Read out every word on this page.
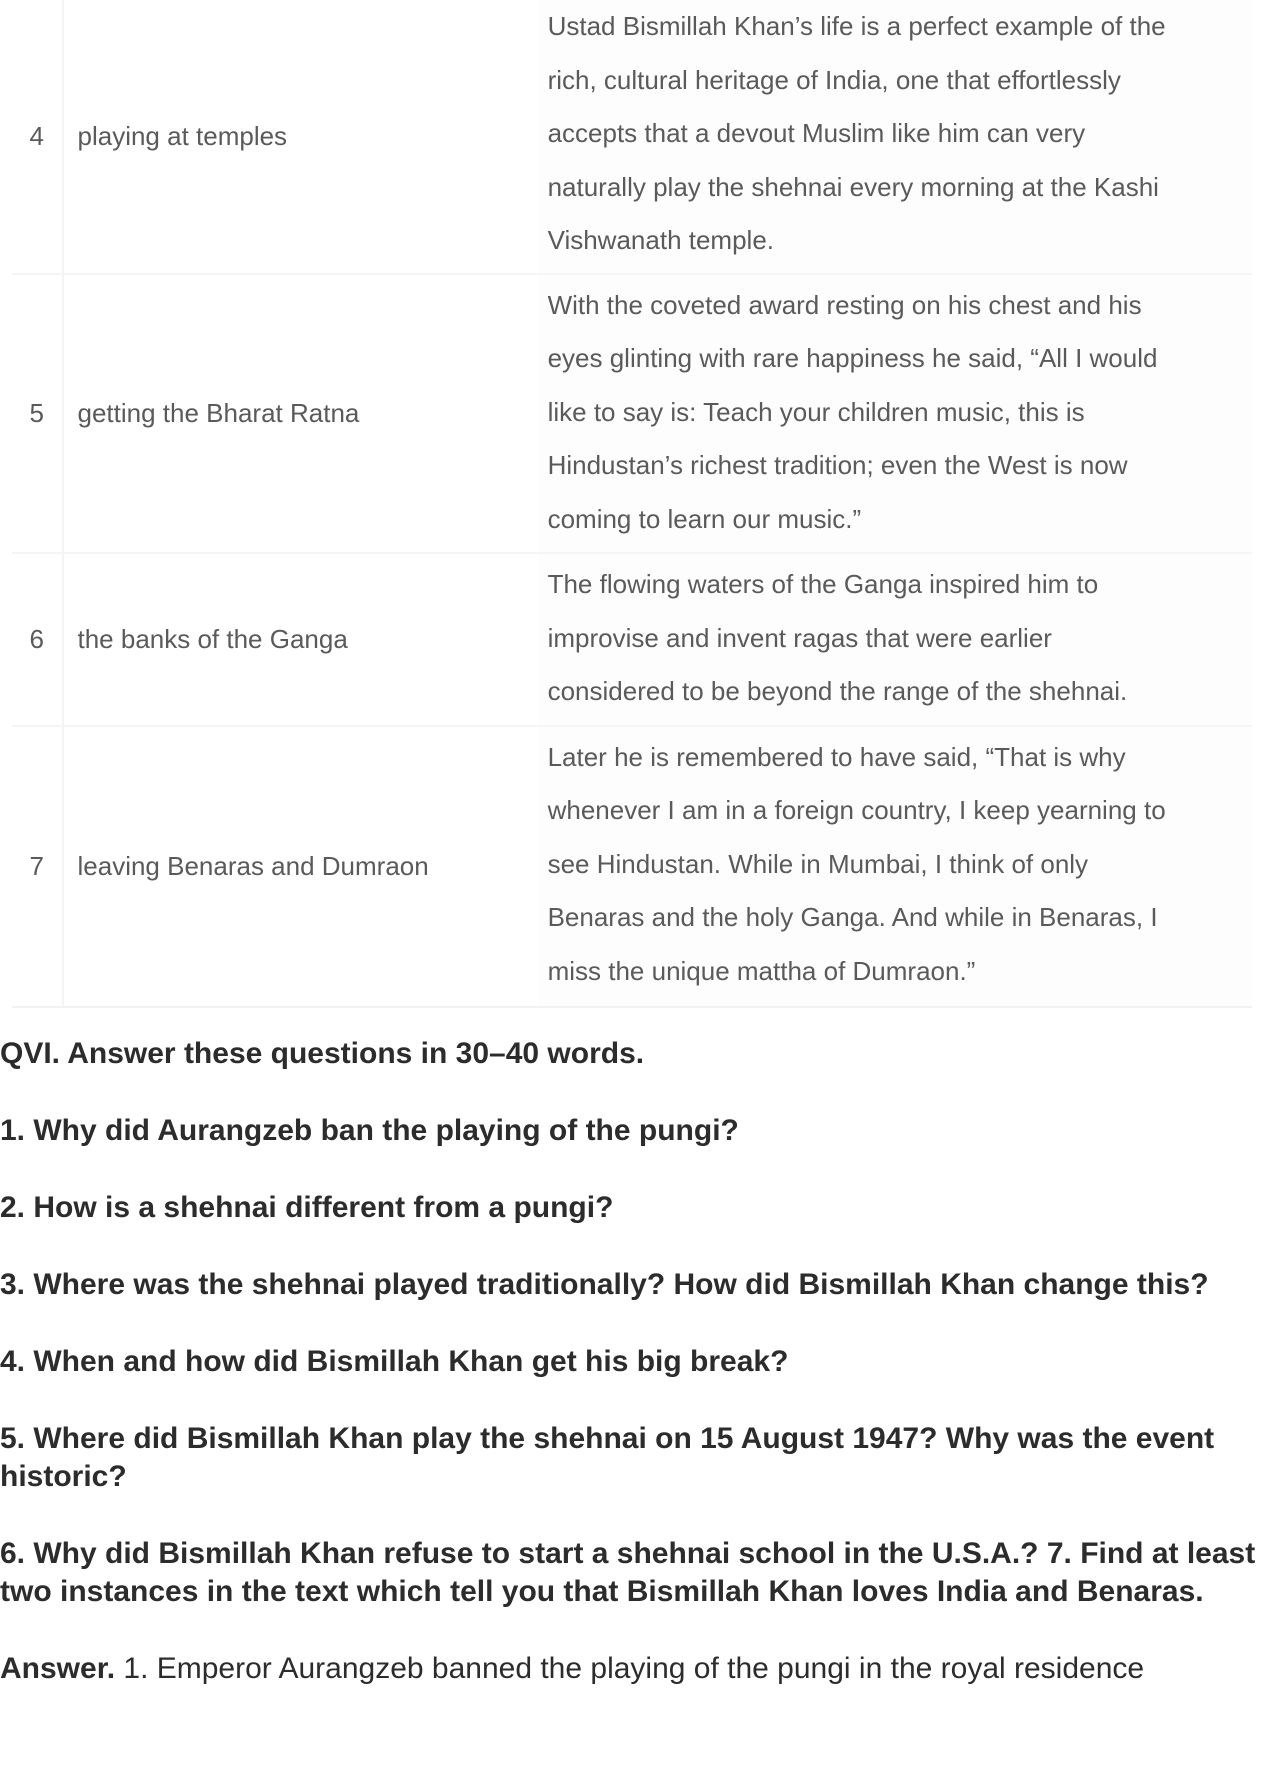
4	playing at temples	Ustad Bismillah Khan’s life is a perfect example of the
rich, cultural heritage of India, one that effortlessly
accepts that a devout Muslim like him can very
naturally play the shehnai every morning at the Kashi
Vishwanath temple.

5	getting the Bharat Ratna	With the coveted award resting on his chest and his
eyes glinting with rare happiness he said, “All I would
like to say is: Teach your children music, this is
Hindustan’s richest tradition; even the West is now
coming to learn our music.”

6	the banks of the Ganga	The flowing waters of the Ganga inspired him to
improvise and invent ragas that were earlier
considered to be beyond the range of the shehnai.

7	leaving Benaras and Dumraon	Later he is remembered to have said, “That is why
whenever I am in a foreign country, I keep yearning to
see Hindustan. While in Mumbai, I think of only
Benaras and the holy Ganga. And while in Benaras, I
miss the unique mattha of Dumraon.”
QVI. Answer these questions in 30–40 words.
1. Why did Aurangzeb ban the playing of the pungi?
2. How is a shehnai different from a pungi?
3. Where was the shehnai played traditionally? How did Bismillah Khan change this?
4. When and how did Bismillah Khan get his big break?
5. Where did Bismillah Khan play the shehnai on 15 August 1947? Why was the event historic?
6. Why did Bismillah Khan refuse to start a shehnai school in the U.S.A.? 7. Find at least two instances in the text which tell you that Bismillah Khan loves India and Benaras.
Answer. 1. Emperor Aurangzeb banned the playing of the pungi in the royal residence
